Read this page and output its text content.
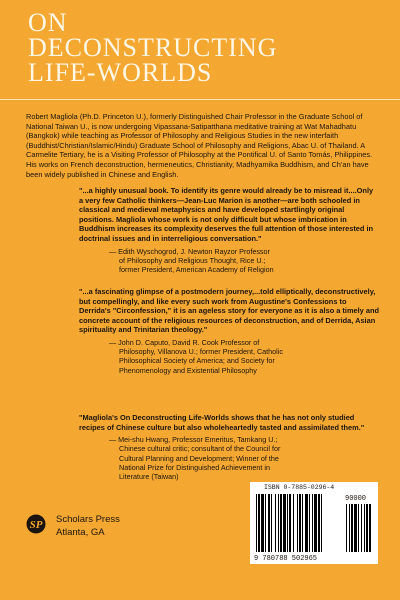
ON
DECONSTRUCTING
LIFE-WORLDS

Robert Magliola (Ph.D. Princeton U.), formerly Distinguished Chair Professor in the Graduate School of National Taiwan U., is now undergoing Vipassana-Satipatthana meditative training at Wat Mahadhatu (Bangkok) while teaching as Professor of Philosophy and Religious Studies in the new interfaith (Buddhist/Christian/Islamic/Hindu) Graduate School of Philosophy and Religions, Abac U. of Thailand. A Carmelite Tertiary, he is a Visiting Professor of Philosophy at the Pontifical U. of Santo Tomás, Philippines. His works on French deconstruction, hermeneutics, Christianity, Madhyamika Buddhism, and Ch'an have been widely published in Chinese and English.

"...a highly unusual book. To identify its genre would already be to misread it....Only a very few Catholic thinkers—Jean-Luc Marion is another—are both schooled in classical and medieval metaphysics and have developed startlingly original positions. Magliola whose work is not only difficult but whose imbrication in Buddhism increases its complexity deserves the full attention of those interested in doctrinal issues and in interreligious conversation."

— Edith Wyschogrod, J. Newton Rayzor Professor
of Philosophy and Religious Thought, Rice U.;
former President, American Academy of Religion

"...a fascinating glimpse of a postmodern journey,...told elliptically, deconstructively, but compellingly, and like every such work from Augustine's Confessions to Derrida's "Circonfession," it is an ageless story for everyone as it is also a timely and concrete account of the religious resources of deconstruction, and of Derrida, Asian spirituality and Trinitarian theology."

— John D. Caputo, David R. Cook Professor of
Philosophy, Villanova U.; former President, Catholic
Philosophical Society of America; and Society for
Phenomenology and Existential Philosophy

"Magliola's On Deconstructing Life-Worlds shows that he has not only studied recipes of Chinese culture but also wholeheartedly tasted and assimilated them."

— Mei-shu Hwang, Professor Emeritus, Tamkang U.;
Chinese cultural critic; consultant of the Council for
Cultural Planning and Development; Winner of the
National Prize for Distinguished Achievement in
Literature (Taiwan)
SP Scholars Press
Atlanta, GA
ISBN 0-7885-0296-4
90000
9 780788 502965
